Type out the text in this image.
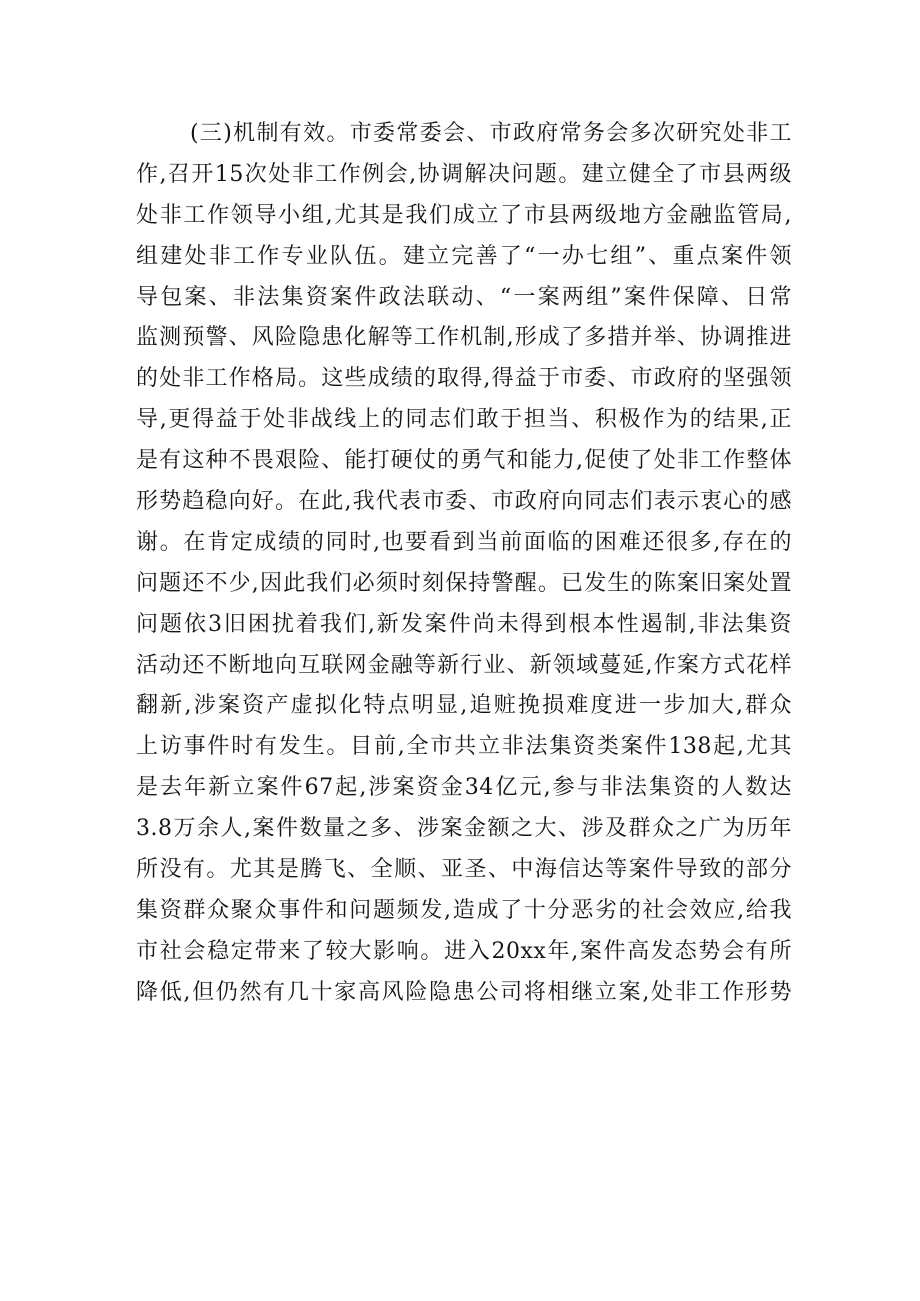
(三)机制有效。市委常委会、市政府常务会多次研究处非工
作,召开15次处非工作例会,协调解决问题。建立健全了市县两级
处非工作领导小组,尤其是我们成立了市县两级地方金融监管局,
组建处非工作专业队伍。建立完善了“一办七组”、重点案件领
导包案、非法集资案件政法联动、“一案两组”案件保障、日常
监测预警、风险隐患化解等工作机制,形成了多措并举、协调推进
的处非工作格局。这些成绩的取得,得益于市委、市政府的坚强领
导,更得益于处非战线上的同志们敢于担当、积极作为的结果,正
是有这种不畏艰险、能打硬仗的勇气和能力,促使了处非工作整体
形势趋稳向好。在此,我代表市委、市政府向同志们表示衷心的感
谢。在肯定成绩的同时,也要看到当前面临的困难还很多,存在的
问题还不少,因此我们必须时刻保持警醒。已发生的陈案旧案处置
问题依3旧困扰着我们,新发案件尚未得到根本性遏制,非法集资
活动还不断地向互联网金融等新行业、新领域蔓延,作案方式花样
翻新,涉案资产虚拟化特点明显,追赃挽损难度进一步加大,群众
上访事件时有发生。目前,全市共立非法集资类案件138起,尤其
是去年新立案件67起,涉案资金34亿元,参与非法集资的人数达
3.8万余人,案件数量之多、涉案金额之大、涉及群众之广为历年
所没有。尤其是腾飞、全顺、亚圣、中海信达等案件导致的部分
集资群众聚众事件和问题频发,造成了十分恶劣的社会效应,给我
市社会稳定带来了较大影响。进入20xx年,案件高发态势会有所
降低,但仍然有几十家高风险隐患公司将相继立案,处非工作形势
